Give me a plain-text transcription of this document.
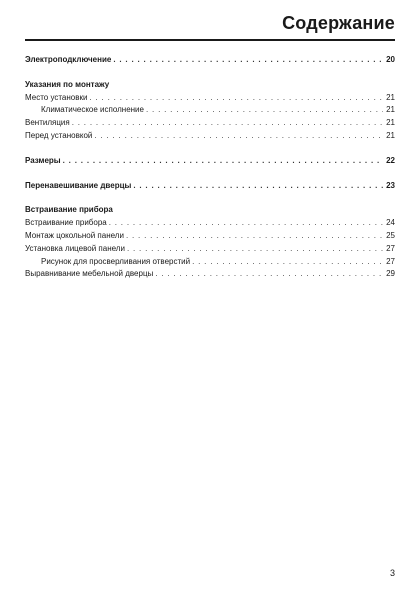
Содержание
Электроподключение . . .	20
Указания по монтажу
Место установки . . .	21
Климатическое исполнение . . .	21
Вентиляция . . .	21
Перед установкой . . .	21
Размеры . . .	22
Перенавешивание дверцы . . .	23
Встраивание прибора
Встраивание прибора . . .	24
Монтаж цокольной панели . . .	25
Установка лицевой панели . . .	27
Рисунок для просверливания отверстий . . .	27
Выравнивание мебельной дверцы . . .	29
3
